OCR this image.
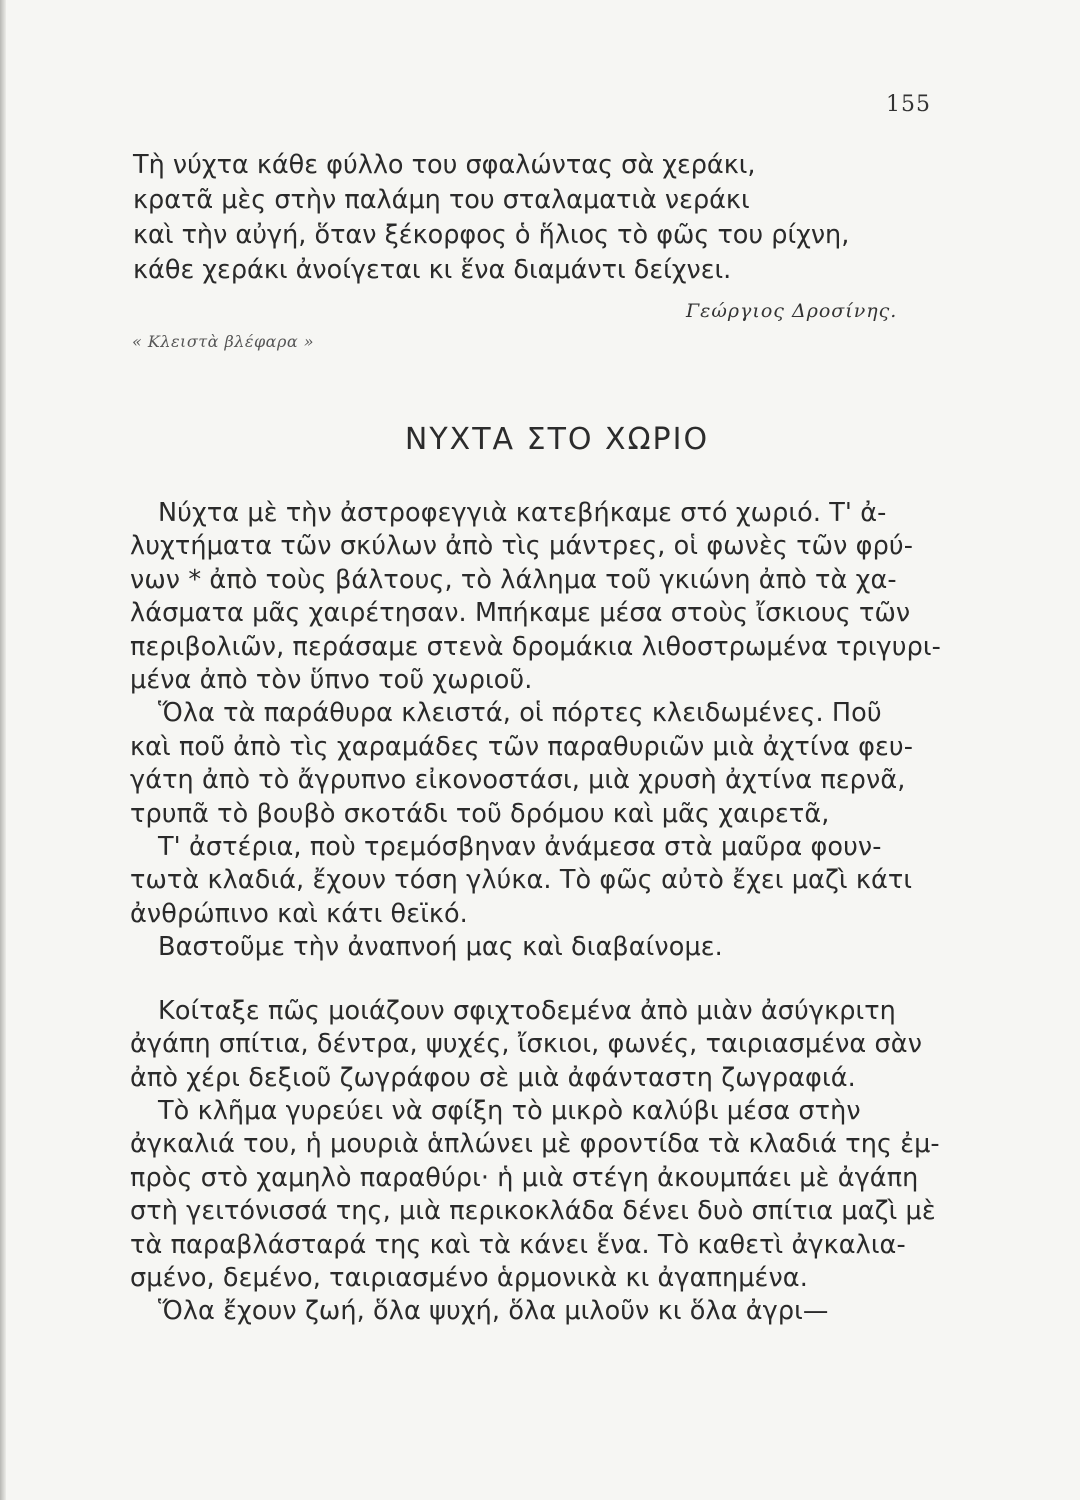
155
Τὴ νύχτα κάθε φύλλο του σφαλώντας σὰ χεράκι,
κρατᾶ μὲς στὴν παλάμη του σταλαματιὰ νεράκι
καὶ τὴν αὐγή, ὅταν ξέκορφος ὁ ἥλιος τὸ φῶς του ρίχνη,
κάθε χεράκι ἀνοίγεται κι ἕνα διαμάντι δείχνει.
Γεώργιος Δροσίνης.
« Κλειστὰ βλέφαρα »
ΝΥΧΤΑ ΣΤΟ ΧΩΡΙΟ
Νύχτα μὲ τὴν ἀστροφεγγιὰ κατεβήκαμε στό χωριό. Τ' ἀ-
λυχτήματα τῶν σκύλων ἀπὸ τὶς μάντρες, οἱ φωνὲς τῶν φρύ-
νων * ἀπὸ τοὺς βάλτους, τὸ λάλημα τοῦ γκιώνη ἀπὸ τὰ χα-
λάσματα μᾶς χαιρέτησαν. Μπήκαμε μέσα στοὺς ἴσκιους τῶν
περιβολιῶν, περάσαμε στενὰ δρομάκια λιθοστρωμένα τριγυρι-
μένα ἀπὸ τὸν ὕπνο τοῦ χωριοῦ.
Ὅλα τὰ παράθυρα κλειστά, οἱ πόρτες κλειδωμένες. Ποῦ
καὶ ποῦ ἀπὸ τὶς χαραμάδες τῶν παραθυριῶν μιὰ ἀχτίνα φευ-
γάτη ἀπὸ τὸ ἄγρυπνο εἰκονοστάσι, μιὰ χρυσὴ ἀχτίνα περνᾶ,
τρυπᾶ τὸ βουβὸ σκοτάδι τοῦ δρόμου καὶ μᾶς χαιρετᾶ,
Τ' ἀστέρια, ποὺ τρεμόσβηναν ἀνάμεσα στὰ μαῦρα φουν-
τωτὰ κλαδιά, ἔχουν τόση γλύκα. Τὸ φῶς αὐτὸ ἔχει μαζὶ κάτι
ἀνθρώπινο καὶ κάτι θεϊκό.
Βαστοῦμε τὴν ἀναπνοή μας καὶ διαβαίνομε.
Κοίταξε πῶς μοιάζουν σφιχτοδεμένα ἀπὸ μιὰν ἀσύγκριτη
ἀγάπη σπίτια, δέντρα, ψυχές, ἴσκιοι, φωνές, ταιριασμένα σὰν
ἀπὸ χέρι δεξιοῦ ζωγράφου σὲ μιὰ ἀφάνταστη ζωγραφιά.
Τὸ κλῆμα γυρεύει νὰ σφίξη τὸ μικρὸ καλύβι μέσα στὴν
ἀγκαλιά του, ἡ μουριὰ ἁπλώνει μὲ φροντίδα τὰ κλαδιά της ἐμ-
πρὸς στὸ χαμηλὸ παραθύρι· ἡ μιὰ στέγη ἀκουμπάει μὲ ἀγάπη
στὴ γειτόνισσά της, μιὰ περικοκλάδα δένει δυὸ σπίτια μαζὶ μὲ
τὰ παραβλάσταρά της καὶ τὰ κάνει ἕνα. Τὸ καθετὶ ἀγκαλια-
σμένο, δεμένο, ταιριασμένο ἁρμονικὰ κι ἀγαπημένα.
Ὅλα ἔχουν ζωή, ὅλα ψυχή, ὅλα μιλοῦν κι ὅλα ἀγρι—
